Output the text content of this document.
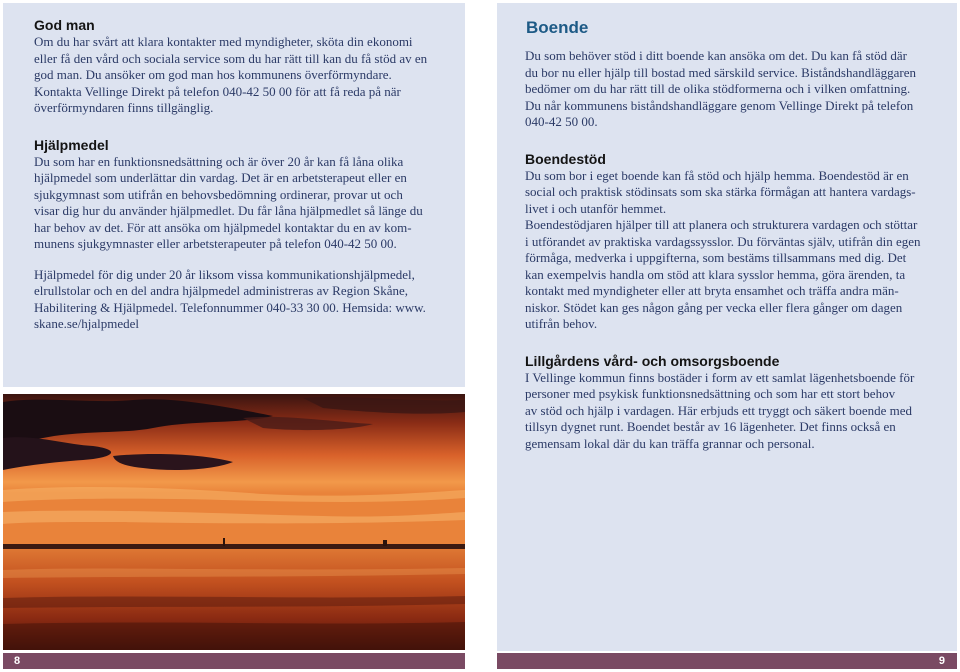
God man
Om du har svårt att klara kontakter med myndigheter, sköta din ekonomi
eller få den vård och sociala service som du har rätt till kan du få stöd av en
god man. Du ansöker om god man hos kommunens överförmyndare.
Kontakta Vellinge Direkt på telefon 040-42 50 00 för att få reda på när
överförmyndaren finns tillgänglig.
Hjälpmedel
Du som har en funktionsnedsättning och är över 20 år kan få låna olika
hjälpmedel som underlättar din vardag. Det är en arbetsterapeut eller en
sjukgymnast som utifrån en behovsbedömning ordinerar, provar ut och
visar dig hur du använder hjälpmedlet. Du får låna hjälpmedlet så länge du
har behov av det. För att ansöka om hjälpmedel kontaktar du en av kom-
munens sjukgymnaster eller arbetsterapeuter på telefon 040-42 50 00.
Hjälpmedel för dig under 20 år liksom vissa kommunikationshjälpmedel,
elrullstolar och en del andra hjälpmedel administreras av Region Skåne,
Habilitering & Hjälpmedel. Telefonnummer 040-33 30 00. Hemsida: www.
skane.se/hjalpmedel
Boende
Du som behöver stöd i ditt boende kan ansöka om det. Du kan få stöd där
du bor nu eller hjälp till bostad med särskild service. Biståndshandläggaren
bedömer om du har rätt till de olika stödformerna och i vilken omfattning.
Du når kommunens biståndshandläggare genom Vellinge Direkt på telefon
040-42 50 00.
Boendestöd
Du som bor i eget boende kan få stöd och hjälp hemma. Boendestöd är en
social och praktisk stödinsats som ska stärka förmågan att hantera vardags-
livet i och utanför hemmet.
Boendestödjaren hjälper till att planera och strukturera vardagen och stöttar
i utförandet av praktiska vardagssysslor. Du förväntas själv, utifrån din egen
förmåga, medverka i uppgifterna, som bestäms tillsammans med dig. Det
kan exempelvis handla om stöd att klara sysslor hemma, göra ärenden, ta
kontakt med myndigheter eller att bryta ensamhet och träffa andra män-
niskor. Stödet kan ges någon gång per vecka eller flera gånger om dagen
utifrån behov.
Lillgårdens vård- och omsorgsboende
I Vellinge kommun finns bostäder i form av ett samlat lägenhetsboende för
personer med psykisk funktionsnedsättning och som har ett stort behov
av stöd och hjälp i vardagen. Här erbjuds ett tryggt och säkert boende med
tillsyn dygnet runt. Boendet består av 16 lägenheter. Det finns också en
gemensam lokal där du kan träffa grannar och personal.
8	9
